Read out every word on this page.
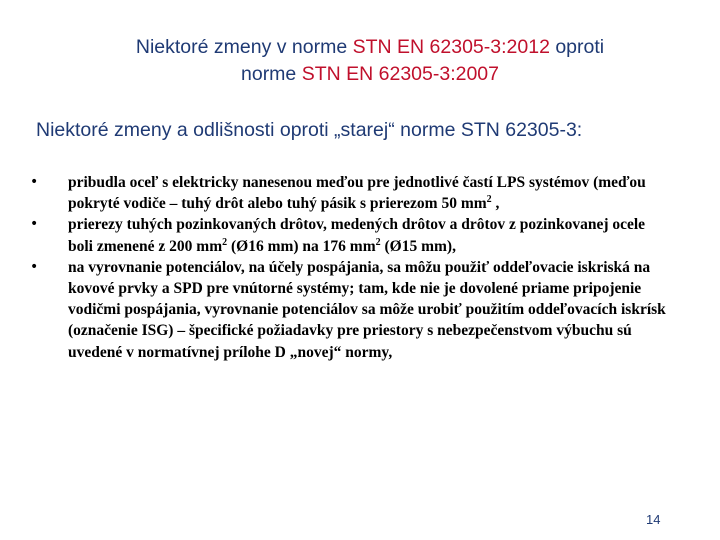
Niektoré zmeny v norme STN EN 62305-3:2012 oproti
norme STN EN 62305-3:2007
Niektoré zmeny a odlišnosti oproti „starej“ norme STN 62305-3:
• pribudla oceľ s elektricky nanesenou meďou pre jednotlivé častí LPS systémov (meďou pokryté vodiče – tuhý drôt alebo tuhý pásik s prierezom 50 $mm^2$ ,
• prierezy tuhých pozinkovaných drôtov, medených drôtov a drôtov z pozinkovanej ocele boli zmenené z 200 $mm^2$ (Ø16 mm) na 176 $mm^2$ (Ø15 mm),
• na vyrovnanie potenciálov, na účely pospájania, sa môžu použiť oddeľovacie iskriská na kovové prvky a SPD pre vnútorné systémy; tam, kde nie je dovolené priame pripojenie vodičmi pospájania, vyrovnanie potenciálov sa môže urobiť použitím oddeľovacích iskrísk (označenie ISG) – špecifické požiadavky pre priestory s nebezpečenstvom výbuchu sú uvedené v normatívnej prílohe D „novej“ normy,
14
